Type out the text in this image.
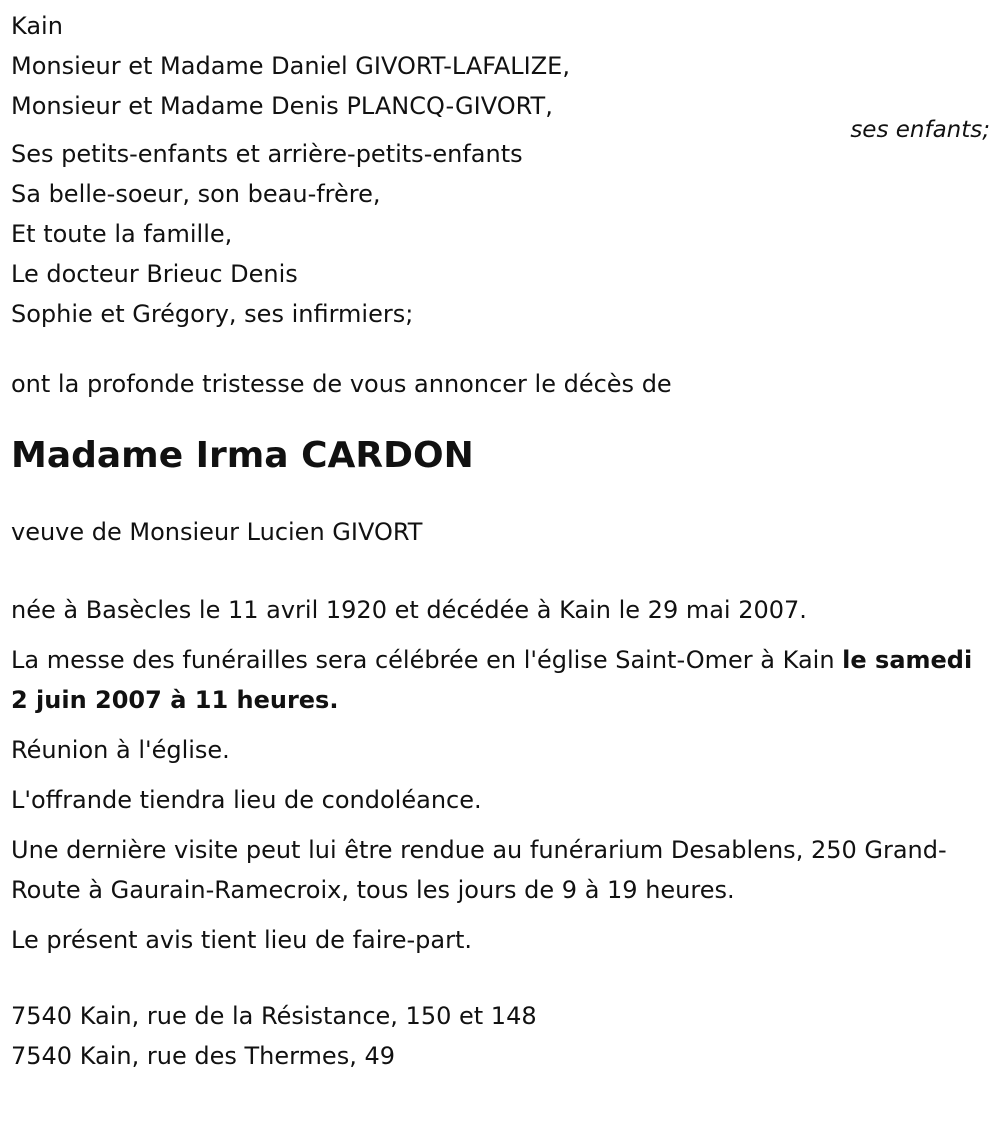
Kain
Monsieur et Madame Daniel GIVORT-LAFALIZE,
Monsieur et Madame Denis PLANCQ-GIVORT,
Ses petits-enfants et arrière-petits-enfants
Sa belle-soeur, son beau-frère,
Et toute la famille,
Le docteur Brieuc Denis
Sophie et Grégory, ses infirmiers;
ont la profonde tristesse de vous annoncer le décès de
Madame Irma CARDON
veuve de Monsieur Lucien GIVORT

née à Basècles le 11 avril 1920 et décédée à Kain le 29 mai 2007.

La messe des funérailles sera célébrée en l'église Saint-Omer à Kain le samedi 2 juin 2007 à 11 heures.

Réunion à l'église.

L'offrande tiendra lieu de condoléance.

Une dernière visite peut lui être rendue au funérarium Desablens, 250 Grand-Route à Gaurain-Ramecroix, tous les jours de 9 à 19 heures.

Le présent avis tient lieu de faire-part.

7540 Kain, rue de la Résistance, 150 et 148
7540 Kain, rue des Thermes, 49
ses enfants;
